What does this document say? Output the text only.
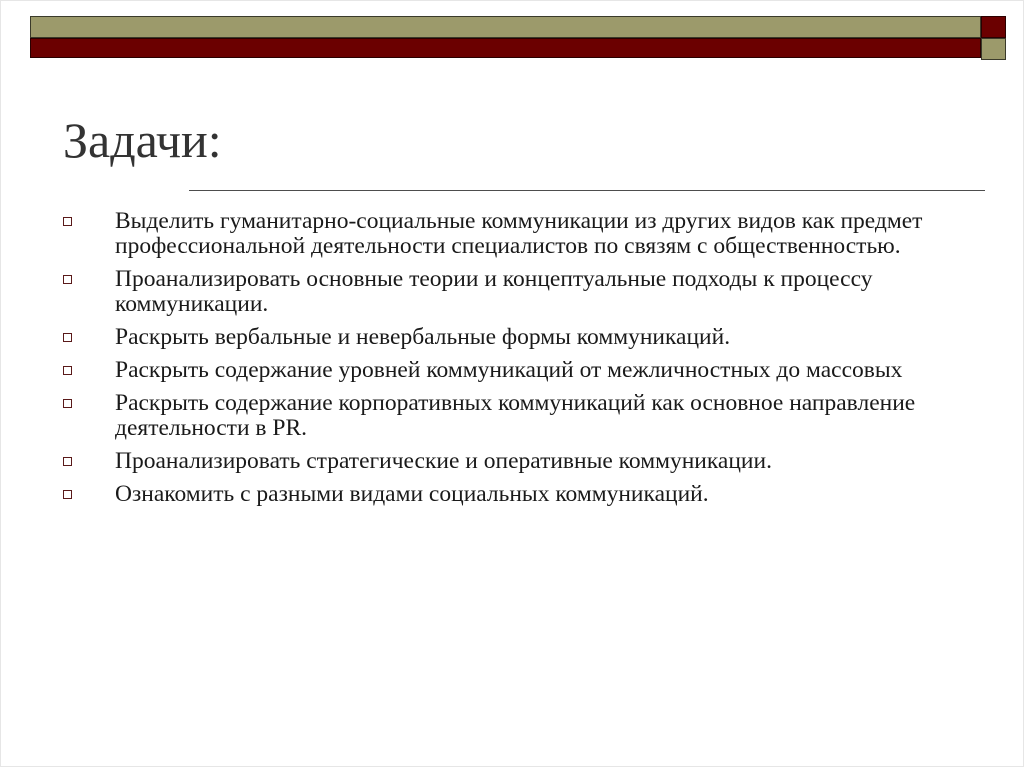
Задачи:
Выделить гуманитарно-социальные коммуникации из других видов как предмет профессиональной деятельности специалистов по связям с общественностью.
Проанализировать основные теории и концептуальные подходы к процессу коммуникации.
Раскрыть вербальные и невербальные формы коммуникаций.
Раскрыть содержание уровней коммуникаций от межличностных до массовых
Раскрыть содержание корпоративных коммуникаций как основное направление деятельности в PR.
Проанализировать стратегические и оперативные коммуникации.
Ознакомить с разными видами социальных коммуникаций.
